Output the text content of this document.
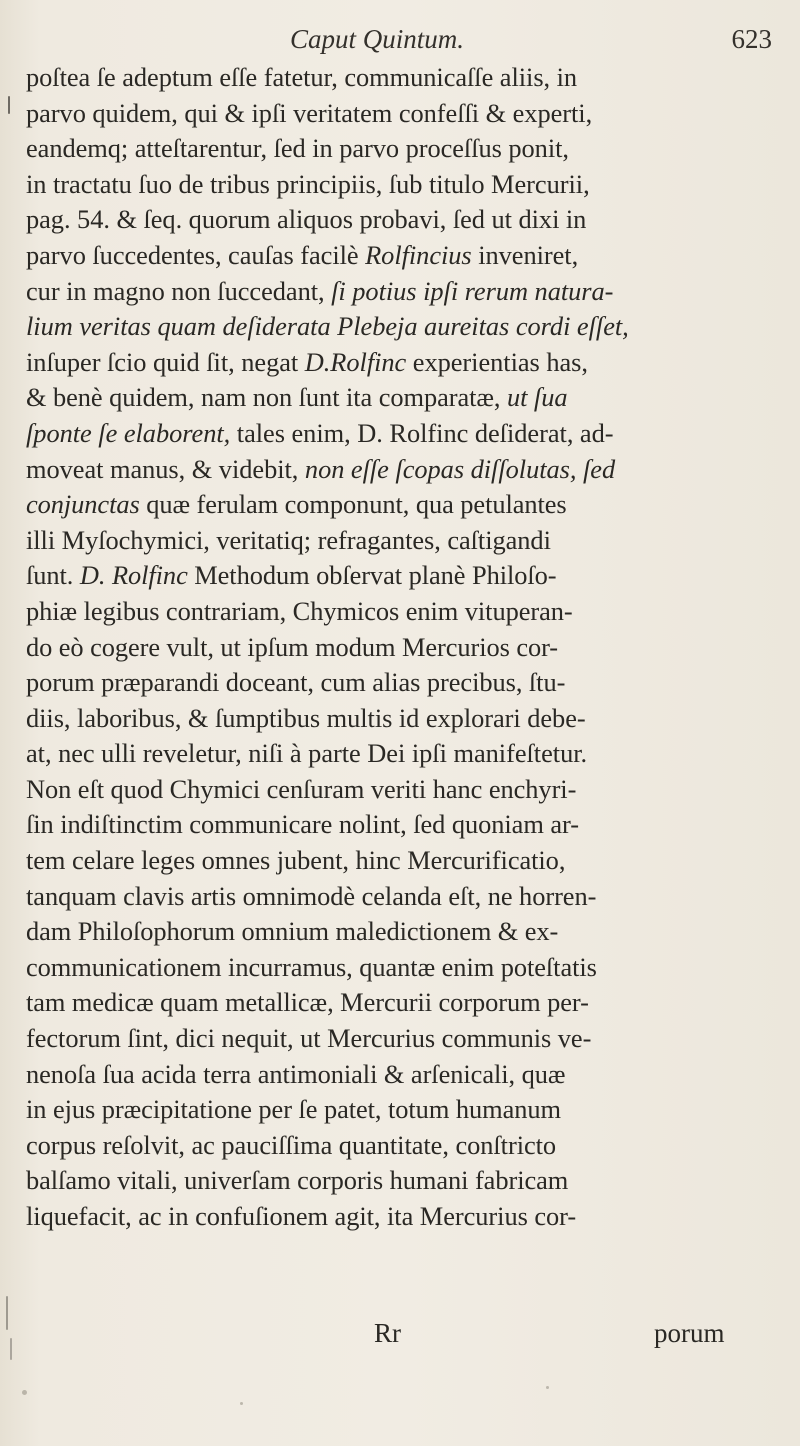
Caput Quintum.	623
poſtea ſe adeptum eſſe fatetur, communicaſſe aliis, in
parvo quidem, qui & ipſi veritatem confeſſi & experti,
eandemq; atteſtarentur, ſed in parvo proceſſus ponit,
in tractatu ſuo de tribus principiis, ſub titulo Mercurii,
pag. 54. & ſeq. quorum aliquos probavi, ſed ut dixi in
parvo ſuccedentes, cauſas facilè Rolfincius inveniret,
cur in magno non ſuccedant, ſi potius ipſi rerum natura-
lium veritas quam deſiderata Plebeja aureitas cordi eſſet,
inſuper ſcio quid ſit, negat D.Rolfinc experientias has,
& benè quidem, nam non ſunt ita comparatæ, ut ſua
ſponte ſe elaborent, tales enim, D. Rolfinc deſiderat, ad-
moveat manus, & videbit, non eſſe ſcopas diſſolutas, ſed
conjunctas quæ ferulam componunt, qua petulantes
illi Myſochymici, veritatiq; refragantes, caſtigandi
ſunt. D. Rolfinc Methodum obſervat planè Philoſo-
phiæ legibus contrariam, Chymicos enim vituperan-
do eò cogere vult, ut ipſum modum Mercurios cor-
porum præparandi doceant, cum alias precibus, ſtu-
diis, laboribus, & ſumptibus multis id explorari debe-
at, nec ulli reveletur, niſi à parte Dei ipſi manifeſtetur.
Non eſt quod Chymici cenſuram veriti hanc enchyri-
ſin indiſtinctim communicare nolint, ſed quoniam ar-
tem celare leges omnes jubent, hinc Mercurificatio,
tanquam clavis artis omnimodè celanda eſt, ne horren-
dam Philoſophorum omnium maledictionem & ex-
communicationem incurramus, quantæ enim poteſtatis
tam medicæ quam metallicæ, Mercurii corporum per-
fectorum ſint, dici nequit, ut Mercurius communis ve-
nenoſa ſua acida terra antimoniali & arſenicali, quæ
in ejus præcipitatione per ſe patet, totum humanum
corpus reſolvit, ac pauciſſima quantitate, conſtricto
balſamo vitali, univerſam corporis humani fabricam
liquefacit, ac in confuſionem agit, ita Mercurius cor-
Rr	porum
